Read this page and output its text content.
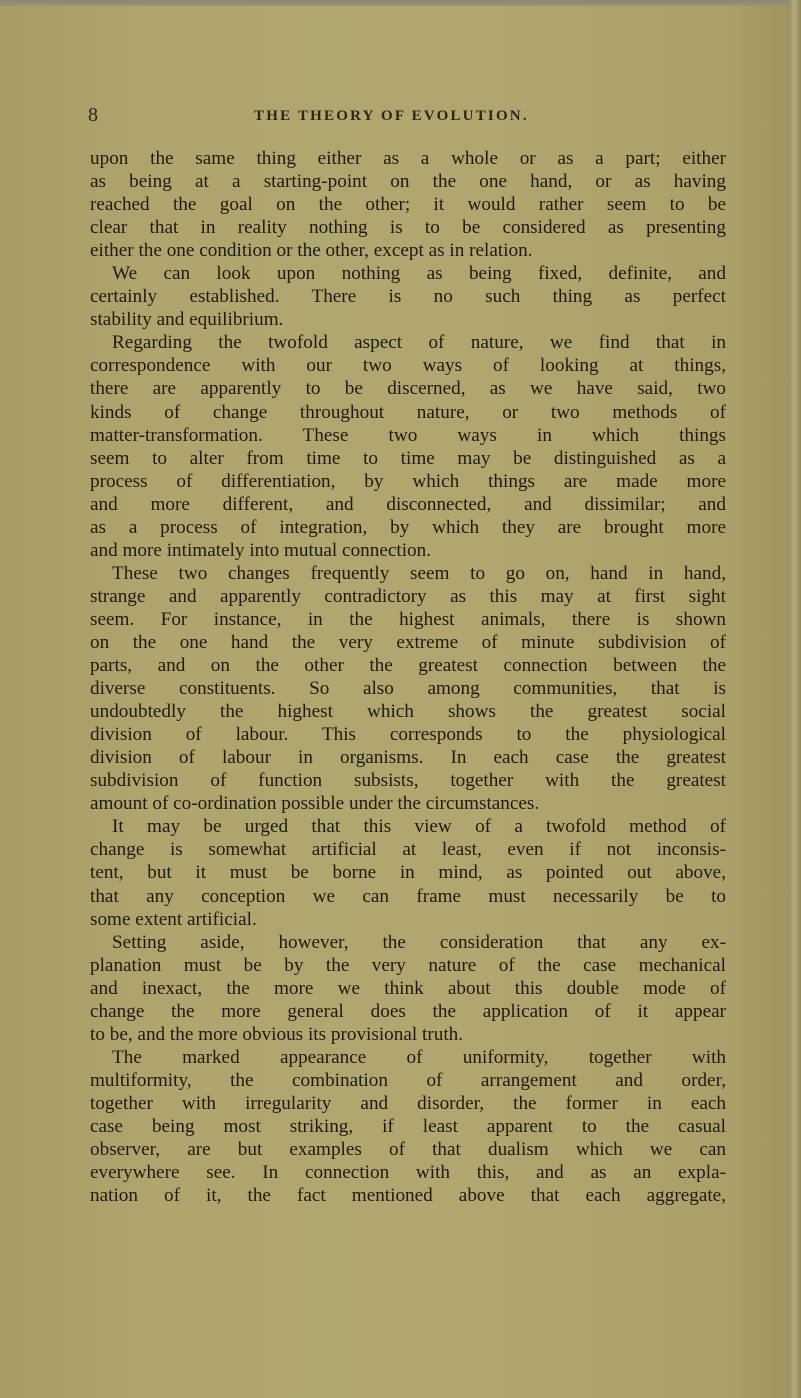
8	THE THEORY OF EVOLUTION.
upon the same thing either as a whole or as a part; either
as being at a starting-point on the one hand, or as having
reached the goal on the other; it would rather seem to be
clear that in reality nothing is to be considered as presenting
either the one condition or the other, except as in relation.
We can look upon nothing as being fixed, definite, and
certainly established. There is no such thing as perfect
stability and equilibrium.
Regarding the twofold aspect of nature, we find that in
correspondence with our two ways of looking at things,
there are apparently to be discerned, as we have said, two
kinds of change throughout nature, or two methods of
matter-transformation. These two ways in which things
seem to alter from time to time may be distinguished as a
process of differentiation, by which things are made more
and more different, and disconnected, and dissimilar; and
as a process of integration, by which they are brought more
and more intimately into mutual connection.
These two changes frequently seem to go on, hand in hand,
strange and apparently contradictory as this may at first sight
seem. For instance, in the highest animals, there is shown
on the one hand the very extreme of minute subdivision of
parts, and on the other the greatest connection between the
diverse constituents. So also among communities, that is
undoubtedly the highest which shows the greatest social
division of labour. This corresponds to the physiological
division of labour in organisms. In each case the greatest
subdivision of function subsists, together with the greatest
amount of co-ordination possible under the circumstances.
It may be urged that this view of a twofold method of
change is somewhat artificial at least, even if not inconsis-
tent, but it must be borne in mind, as pointed out above,
that any conception we can frame must necessarily be to
some extent artificial.
Setting aside, however, the consideration that any ex-
planation must be by the very nature of the case mechanical
and inexact, the more we think about this double mode of
change the more general does the application of it appear
to be, and the more obvious its provisional truth.
The marked appearance of uniformity, together with
multiformity, the combination of arrangement and order,
together with irregularity and disorder, the former in each
case being most striking, if least apparent to the casual
observer, are but examples of that dualism which we can
everywhere see. In connection with this, and as an expla-
nation of it, the fact mentioned above that each aggregate,
